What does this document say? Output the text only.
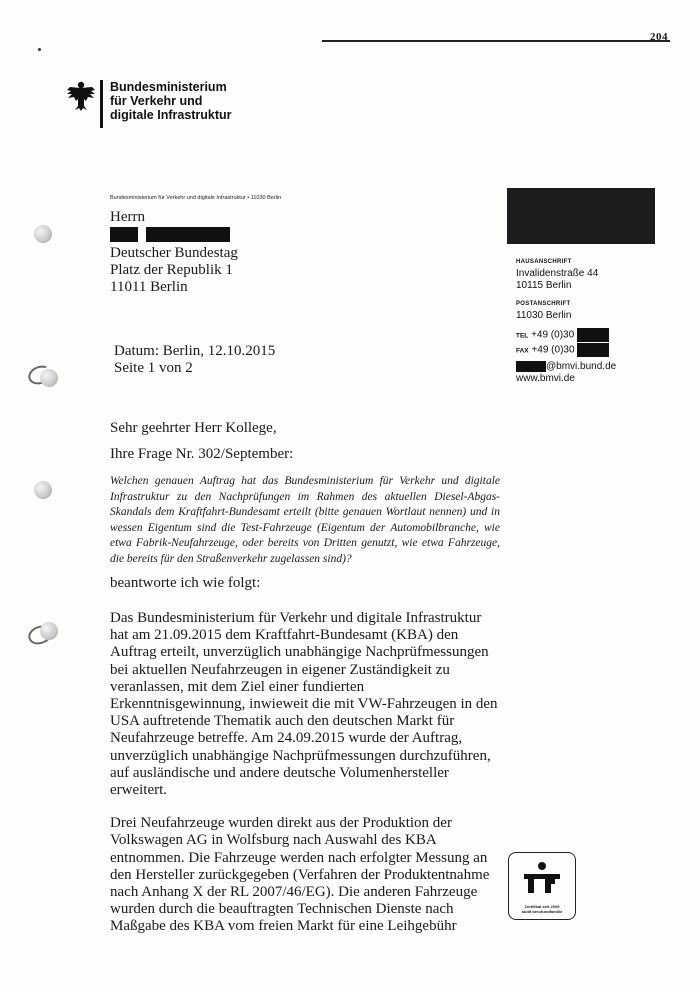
204
Bundesministerium
für Verkehr und
digitale Infrastruktur
Bundesministerium für Verkehr und digitale Infrastruktur • 11030 Berlin
Herrn

Deutscher Bundestag
Platz der Republik 1
11011 Berlin
HAUSANSCHRIFT
Invalidenstraße 44
10115 Berlin
POSTANSCHRIFT
11030 Berlin
TEL +49 (0)30
FAX +49 (0)30
@bmvi.bund.de
www.bmvi.de
Datum: Berlin, 12.10.2015
Seite 1 von 2

Sehr geehrter Herr Kollege,

Ihre Frage Nr. 302/September:

Welchen genauen Auftrag hat das Bundesministerium für Verkehr und digitale Infrastruktur zu den Nachprüfungen im Rahmen des aktuellen Diesel-Abgas-Skandals dem Kraftfahrt-Bundesamt erteilt (bitte genauen Wortlaut nennen) und in wessen Eigentum sind die Test-Fahrzeuge (Eigentum der Automobilbranche, wie etwa Fabrik-Neufahrzeuge, oder bereits von Dritten genutzt, wie etwa Fahrzeuge, die bereits für den Straßenverkehr zugelassen sind)?

beantworte ich wie folgt:

Das Bundesministerium für Verkehr und digitale Infrastruktur hat am 21.09.2015 dem Kraftfahrt-Bundesamt (KBA) den Auftrag erteilt, unverzüglich unabhängige Nachprüfmessungen bei aktuellen Neufahrzeugen in eigener Zuständigkeit zu veranlassen, mit dem Ziel einer fundierten Erkenntnisgewinnung, inwieweit die mit VW-Fahrzeugen in den USA auftretende Thematik auch den deutschen Markt für Neufahrzeuge betreffe. Am 24.09.2015 wurde der Auftrag, unverzüglich unabhängige Nachprüfmessungen durchzuführen, auf ausländische und andere deutsche Volumenhersteller erweitert.

Drei Neufahrzeuge wurden direkt aus der Produktion der Volkswagen AG in Wolfsburg nach Auswahl des KBA entnommen. Die Fahrzeuge werden nach erfolgter Messung an den Hersteller zurückgegeben (Verfahren der Produktentnahme nach Anhang X der RL 2007/46/EG). Die anderen Fahrzeuge wurden durch die beauftragten Technischen Dienste nach Maßgabe des KBA vom freien Markt für eine Leihgebühr

Zertifikat seit 2009
audit berufundfamilie
